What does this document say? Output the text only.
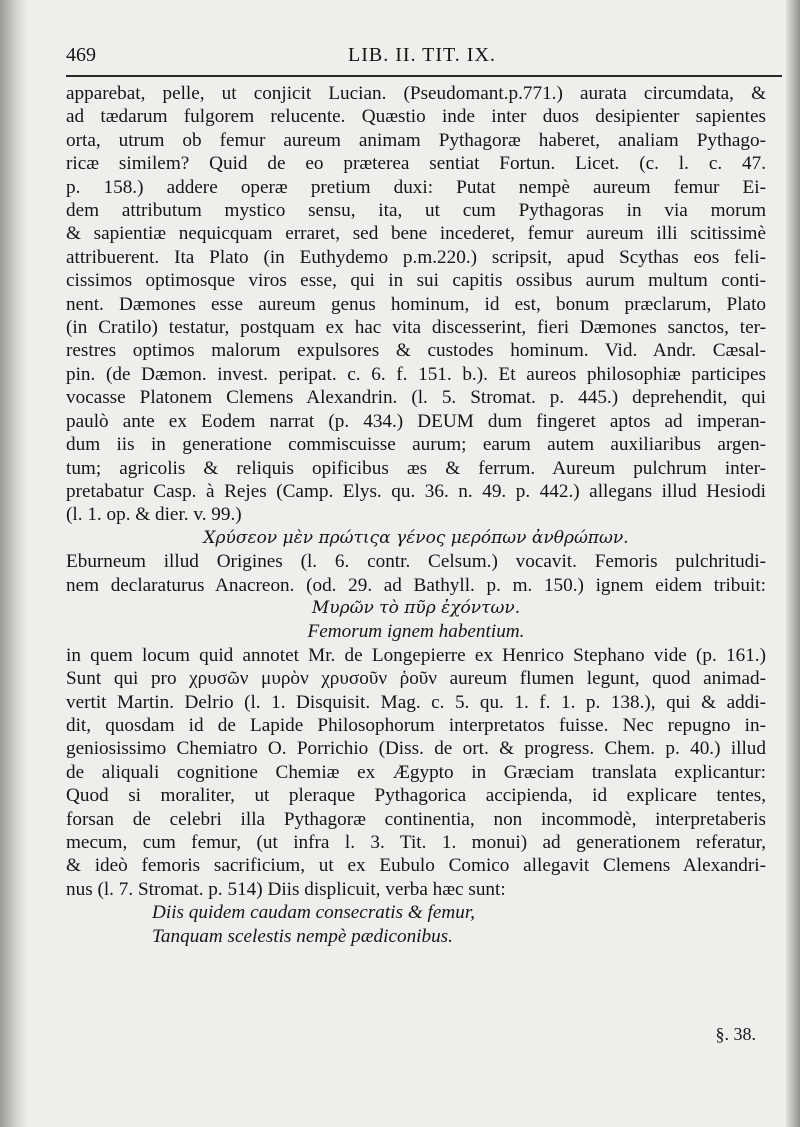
469	LIB. II. TIT. IX.
apparebat, pelle, ut conjicit Lucian. (Pseudomant.p.771.) aurata circumdata, &
ad tædarum fulgorem relucente. Quæstio inde inter duos desipienter sapientes
orta, utrum ob femur aureum animam Pythagoræ haberet, analiam Pythago-
ricæ similem? Quid de eo præterea sentiat Fortun. Licet. (c. l. c. 47.
p. 158.) addere operæ pretium duxi: Putat nempè aureum femur Ei-
dem attributum mystico sensu, ita, ut cum Pythagoras in via morum
& sapientiæ nequicquam erraret, sed bene incederet, femur aureum illi scitissimè
attribuerent. Ita Plato (in Euthydemo p.m.220.) scripsit, apud Scythas eos feli-
cissimos optimosque viros esse, qui in sui capitis ossibus aurum multum conti-
nent. Dæmones esse aureum genus hominum, id est, bonum præclarum, Plato
(in Cratilo) testatur, postquam ex hac vita discesserint, fieri Dæmones sanctos, ter-
restres optimos malorum expulsores & custodes hominum. Vid. Andr. Cæsal-
pin. (de Dæmon. invest. peripat. c. 6. f. 151. b.). Et aureos philosophiæ participes
vocasse Platonem Clemens Alexandrin. (l. 5. Stromat. p. 445.) deprehendit, qui
paulò ante ex Eodem narrat (p. 434.) DEUM dum fingeret aptos ad imperan-
dum iis in generatione commiscuisse aurum; earum autem auxiliaribus argen-
tum; agricolis & reliquis opificibus æs & ferrum. Aureum pulchrum inter-
pretabatur Casp. à Rejes (Camp. Elys. qu. 36. n. 49. p. 442.) allegans illud Hesiodi
(l. 1. op. & dier. v. 99.)
Χρύσεον μὲν πρώτιςα γένος μερόπων ἀνθρώπων.
Eburneum illud Origines (l. 6. contr. Celsum.) vocavit. Femoris pulchritudi-
nem declaraturus Anacreon. (od. 29. ad Bathyll. p. m. 150.) ignem eidem tribuit:
Μυρῶν τὸ πῦρ ἐχόντων.
Femorum ignem habentium.
in quem locum quid annotet Mr. de Longepierre ex Henrico Stephano vide (p. 161.)
Sunt qui pro χρυσῶν μυρὸν χρυσοῦν ῥοῦν aureum flumen legunt, quod animad-
vertit Martin. Delrio (l. 1. Disquisit. Mag. c. 5. qu. 1. f. 1. p. 138.), qui & addi-
dit, quosdam id de Lapide Philosophorum interpretatos fuisse. Nec repugno in-
geniosissimo Chemiatro O. Porrichio (Diss. de ort. & progress. Chem. p. 40.) illud
de aliquali cognitione Chemiæ ex Ægypto in Græciam translata explicantur:
Quod si moraliter, ut pleraque Pythagorica accipienda, id explicare tentes,
forsan de celebri illa Pythagoræ continentia, non incommodè, interpretaberis
mecum, cum femur, (ut infra l. 3. Tit. 1. monui) ad generationem referatur,
& ideò femoris sacrificium, ut ex Eubulo Comico allegavit Clemens Alexandri-
nus (l. 7. Stromat. p. 514) Diis displicuit, verba hæc sunt:
Diis quidem caudam consecratis & femur,
Tanquam scelestis nempè pædiconibus.
§. 38.
